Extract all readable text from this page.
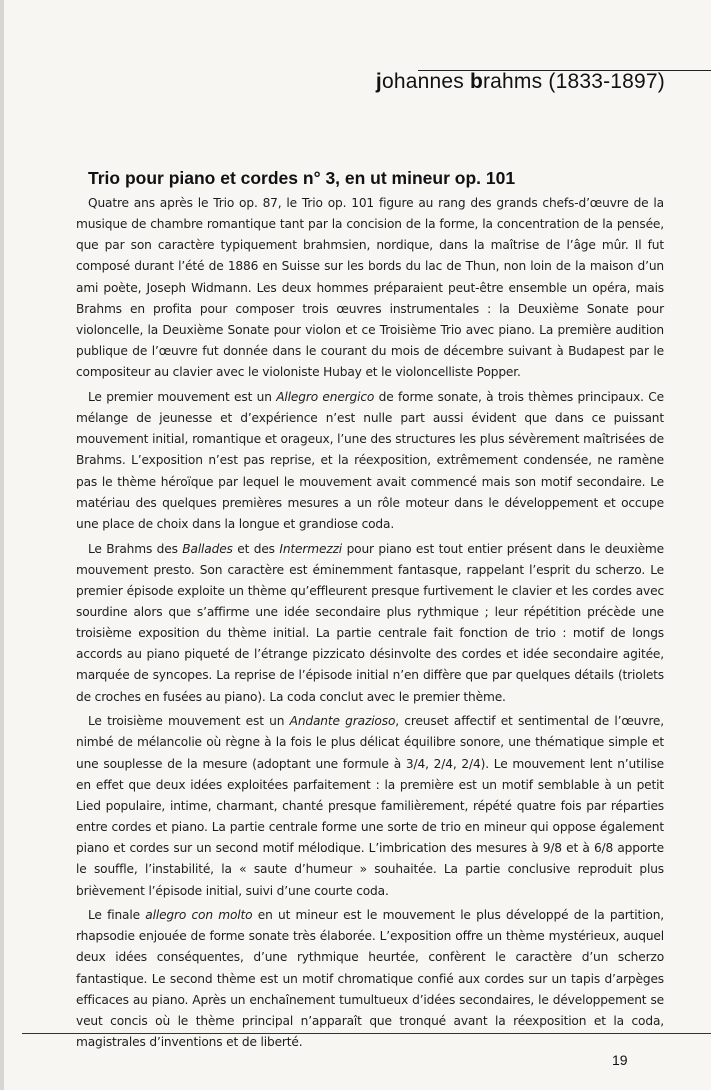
johannes brahms (1833-1897)
Trio pour piano et cordes n° 3, en ut mineur op. 101

Quatre ans après le Trio op. 87, le Trio op. 101 figure au rang des grands chefs-d’œuvre de la musique de chambre romantique tant par la concision de la forme, la concentration de la pensée, que par son caractère typiquement brahmsien, nordique, dans la maîtrise de l’âge mûr. Il fut composé durant l’été de 1886 en Suisse sur les bords du lac de Thun, non loin de la maison d’un ami poète, Joseph Widmann. Les deux hommes préparaient peut-être ensemble un opéra, mais Brahms en profita pour composer trois œuvres instrumentales : la Deuxième Sonate pour violoncelle, la Deuxième Sonate pour violon et ce Troisième Trio avec piano. La première audition publique de l’œuvre fut donnée dans le courant du mois de décembre suivant à Budapest par le compositeur au clavier avec le violoniste Hubay et le violoncelliste Popper.

Le premier mouvement est un Allegro energico de forme sonate, à trois thèmes principaux. Ce mélange de jeunesse et d’expérience n’est nulle part aussi évident que dans ce puissant mouvement initial, romantique et orageux, l’une des structures les plus sévèrement maîtrisées de Brahms. L’exposition n’est pas reprise, et la réexposition, extrêmement condensée, ne ramène pas le thème héroïque par lequel le mouvement avait commencé mais son motif secondaire. Le matériau des quelques premières mesures a un rôle moteur dans le développement et occupe une place de choix dans la longue et grandiose coda.

Le Brahms des Ballades et des Intermezzi pour piano est tout entier présent dans le deuxième mouvement presto. Son caractère est éminemment fantasque, rappelant l’esprit du scherzo. Le premier épisode exploite un thème qu’effleurent presque furtivement le clavier et les cordes avec sourdine alors que s’affirme une idée secondaire plus rythmique ; leur répétition précède une troisième exposition du thème initial. La partie centrale fait fonction de trio : motif de longs accords au piano piqueté de l’étrange pizzicato désinvolte des cordes et idée secondaire agitée, marquée de syncopes. La reprise de l’épisode initial n’en diffère que par quelques détails (triolets de croches en fusées au piano). La coda conclut avec le premier thème.

Le troisième mouvement est un Andante grazioso, creuset affectif et sentimental de l’œuvre, nimbé de mélancolie où règne à la fois le plus délicat équilibre sonore, une thématique simple et une souplesse de la mesure (adoptant une formule à 3/4, 2/4, 2/4). Le mouvement lent n’utilise en effet que deux idées exploitées parfaitement : la première est un motif semblable à un petit Lied populaire, intime, charmant, chanté presque familièrement, répété quatre fois par réparties entre cordes et piano. La partie centrale forme une sorte de trio en mineur qui oppose également piano et cordes sur un second motif mélodique. L’imbrication des mesures à 9/8 et à 6/8 apporte le souffle, l’instabilité, la « saute d’humeur » souhaitée. La partie conclusive reproduit plus brièvement l’épisode initial, suivi d’une courte coda.

Le finale allegro con molto en ut mineur est le mouvement le plus développé de la partition, rhapsodie enjouée de forme sonate très élaborée. L’exposition offre un thème mystérieux, auquel deux idées conséquentes, d’une rythmique heurtée, confèrent le caractère d’un scherzo fantastique. Le second thème est un motif chromatique confié aux cordes sur un tapis d’arpèges efficaces au piano. Après un enchaînement tumultueux d’idées secondaires, le développement se veut concis où le thème principal n’apparaît que tronqué avant la réexposition et la coda, magistrales d’inventions et de liberté.

19
